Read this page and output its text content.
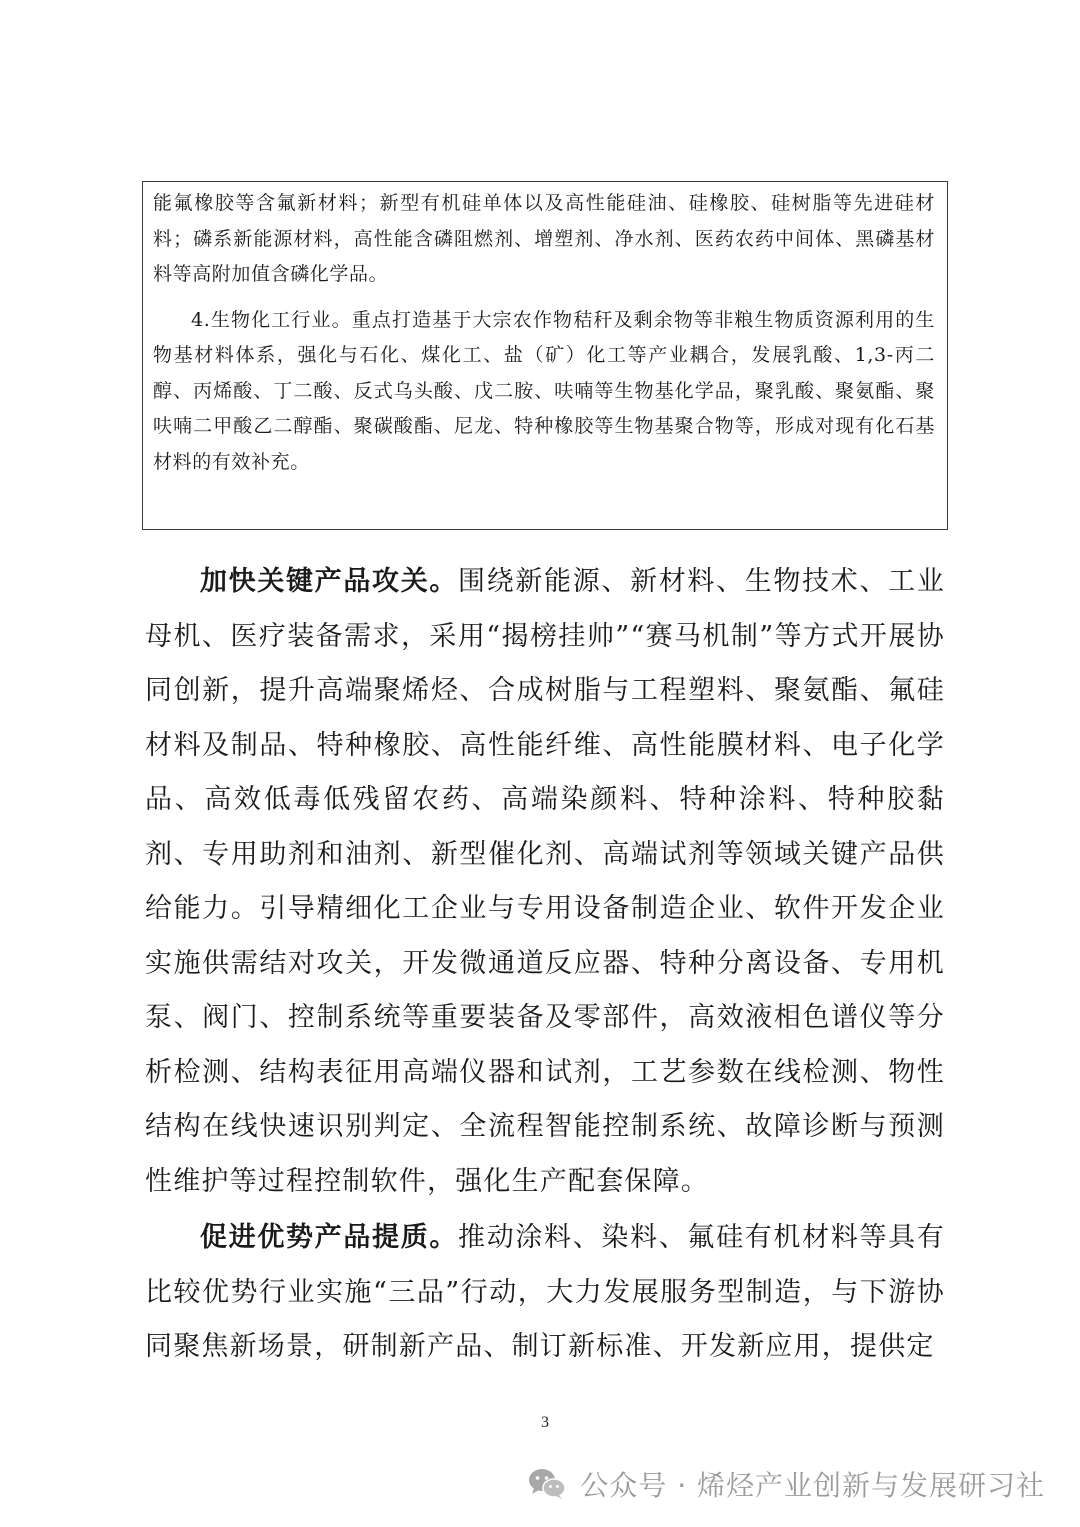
能氟橡胶等含氟新材料；新型有机硅单体以及高性能硅油、硅橡胶、硅树脂等先进硅材料；磷系新能源材料，高性能含磷阻燃剂、增塑剂、净水剂、医药农药中间体、黑磷基材料等高附加值含磷化学品。

4.生物化工行业。重点打造基于大宗农作物秸秆及剩余物等非粮生物质资源利用的生物基材料体系，强化与石化、煤化工、盐（矿）化工等产业耦合，发展乳酸、1,3-丙二醇、丙烯酸、丁二酸、反式乌头酸、戊二胺、呋喃等生物基化学品，聚乳酸、聚氨酯、聚呋喃二甲酸乙二醇酯、聚碳酸酯、尼龙、特种橡胶等生物基聚合物等，形成对现有化石基材料的有效补充。

加快关键产品攻关。围绕新能源、新材料、生物技术、工业母机、医疗装备需求，采用“揭榜挂帅”“赛马机制”等方式开展协同创新，提升高端聚烯烃、合成树脂与工程塑料、聚氨酯、氟硅材料及制品、特种橡胶、高性能纤维、高性能膜材料、电子化学品、高效低毒低残留农药、高端染颜料、特种涂料、特种胶黏剂、专用助剂和油剂、新型催化剂、高端试剂等领域关键产品供给能力。引导精细化工企业与专用设备制造企业、软件开发企业实施供需结对攻关，开发微通道反应器、特种分离设备、专用机泵、阀门、控制系统等重要装备及零部件，高效液相色谱仪等分析检测、结构表征用高端仪器和试剂，工艺参数在线检测、物性结构在线快速识别判定、全流程智能控制系统、故障诊断与预测性维护等过程控制软件，强化生产配套保障。

促进优势产品提质。推动涂料、染料、氟硅有机材料等具有比较优势行业实施“三品”行动，大力发展服务型制造，与下游协同聚焦新场景，研制新产品、制订新标准、开发新应用，提供定

3
公众号 · 烯烃产业创新与发展研习社
